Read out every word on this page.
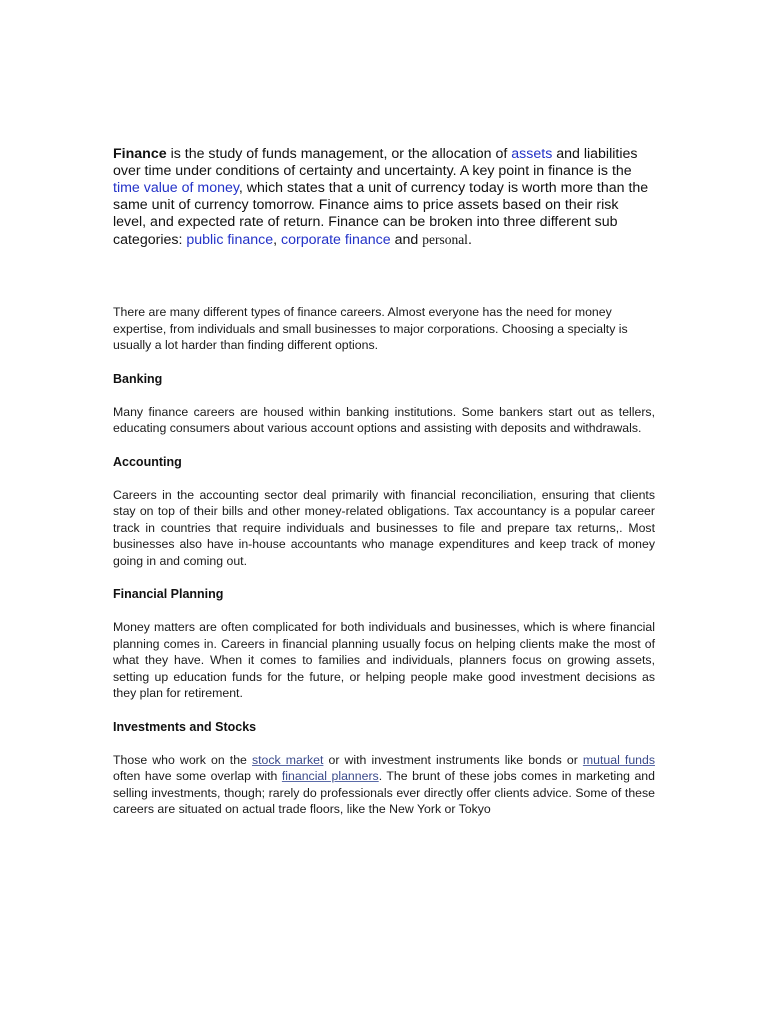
Finance is the study of funds management, or the allocation of assets and liabilities over time under conditions of certainty and uncertainty. A key point in finance is the time value of money, which states that a unit of currency today is worth more than the same unit of currency tomorrow. Finance aims to price assets based on their risk level, and expected rate of return. Finance can be broken into three different sub categories: public finance, corporate finance and personal.

There are many different types of finance careers. Almost everyone has the need for money expertise, from individuals and small businesses to major corporations. Choosing a specialty is usually a lot harder than finding different options.

Banking

Many finance careers are housed within banking institutions. Some bankers start out as tellers, educating consumers about various account options and assisting with deposits and withdrawals.

Accounting

Careers in the accounting sector deal primarily with financial reconciliation, ensuring that clients stay on top of their bills and other money-related obligations. Tax accountancy is a popular career track in countries that require individuals and businesses to file and prepare tax returns,. Most businesses also have in-house accountants who manage expenditures and keep track of money going in and coming out.

Financial Planning

Money matters are often complicated for both individuals and businesses, which is where financial planning comes in. Careers in financial planning usually focus on helping clients make the most of what they have. When it comes to families and individuals, planners focus on growing assets, setting up education funds for the future, or helping people make good investment decisions as they plan for retirement.

Investments and Stocks

Those who work on the stock market or with investment instruments like bonds or mutual funds often have some overlap with financial planners. The brunt of these jobs comes in marketing and selling investments, though; rarely do professionals ever directly offer clients advice. Some of these careers are situated on actual trade floors, like the New York or Tokyo
